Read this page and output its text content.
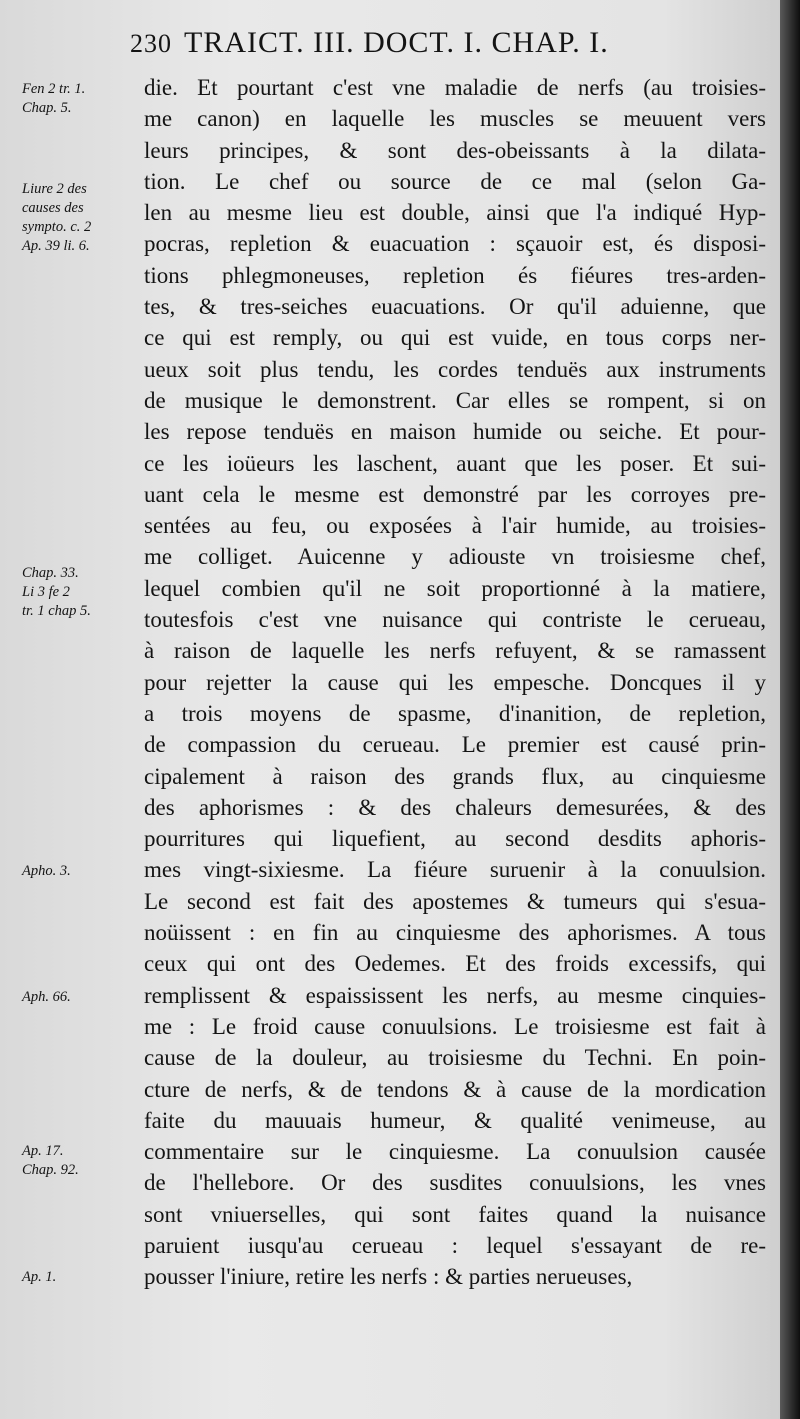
230 TRAICT. III. DOCT. I. CHAP. I.
Fen 2 tr. 1.
Chap. 5.
Liure 2 des
causes des
sympto. c. 2
Ap. 39 li. 6.
Chap. 33.
Li 3 fe 2
tr. 1 chap 5.
Apho. 3.
Aph. 66.
Ap. 17.
Chap. 92.
Ap. 1.
die. Et pourtant c'est vne maladie de nerfs (au troisies-
me canon) en laquelle les muscles se meuuent vers
leurs principes, & sont des-obeissants à la dilata-
tion. Le chef ou source de ce mal (selon Ga-
len au mesme lieu est double, ainsi que l'a indiqué Hyp-
pocras, repletion & euacuation : sçauoir est, és disposi-
tions phlegmoneuses, repletion és fiéures tres-arden-
tes, & tres-seiches euacuations. Or qu'il aduienne, que
ce qui est remply, ou qui est vuide, en tous corps ner-
ueux soit plus tendu, les cordes tenduës aux instruments
de musique le demonstrent. Car elles se rompent, si on
les repose tenduës en maison humide ou seiche. Et pour-
ce les ioüeurs les laschent, auant que les poser. Et sui-
uant cela le mesme est demonstré par les corroyes pre-
sentées au feu, ou exposées à l'air humide, au troisies-
me colliget. Auicenne y adiouste vn troisiesme chef,
lequel combien qu'il ne soit proportionné à la matiere,
toutesfois c'est vne nuisance qui contriste le cerueau,
à raison de laquelle les nerfs refuyent, & se ramassent
pour rejetter la cause qui les empesche. Doncques il y
a trois moyens de spasme, d'inanition, de repletion,
de compassion du cerueau. Le premier est causé prin-
cipalement à raison des grands flux, au cinquiesme
des aphorismes : & des chaleurs demesurées, & des
pourritures qui liquefient, au second desdits aphoris-
mes vingt-sixiesme. La fiéure suruenir à la conuulsion.
Le second est fait des apostemes & tumeurs qui s'esua-
noüissent : en fin au cinquiesme des aphorismes. A tous
ceux qui ont des Oedemes. Et des froids excessifs, qui
remplissent & espaississent les nerfs, au mesme cinquies-
me : Le froid cause conuulsions. Le troisiesme est fait à
cause de la douleur, au troisiesme du Techni. En poin-
cture de nerfs, & de tendons & à cause de la mordication
faite du mauuais humeur, & qualité venimeuse, au
commentaire sur le cinquiesme. La conuulsion causée
de l'hellebore. Or des susdites conuulsions, les vnes
sont vniuerselles, qui sont faites quand la nuisance
paruient iusqu'au cerueau : lequel s'essayant de re-
pousser l'iniure, retire les nerfs : & parties nerueuses,
